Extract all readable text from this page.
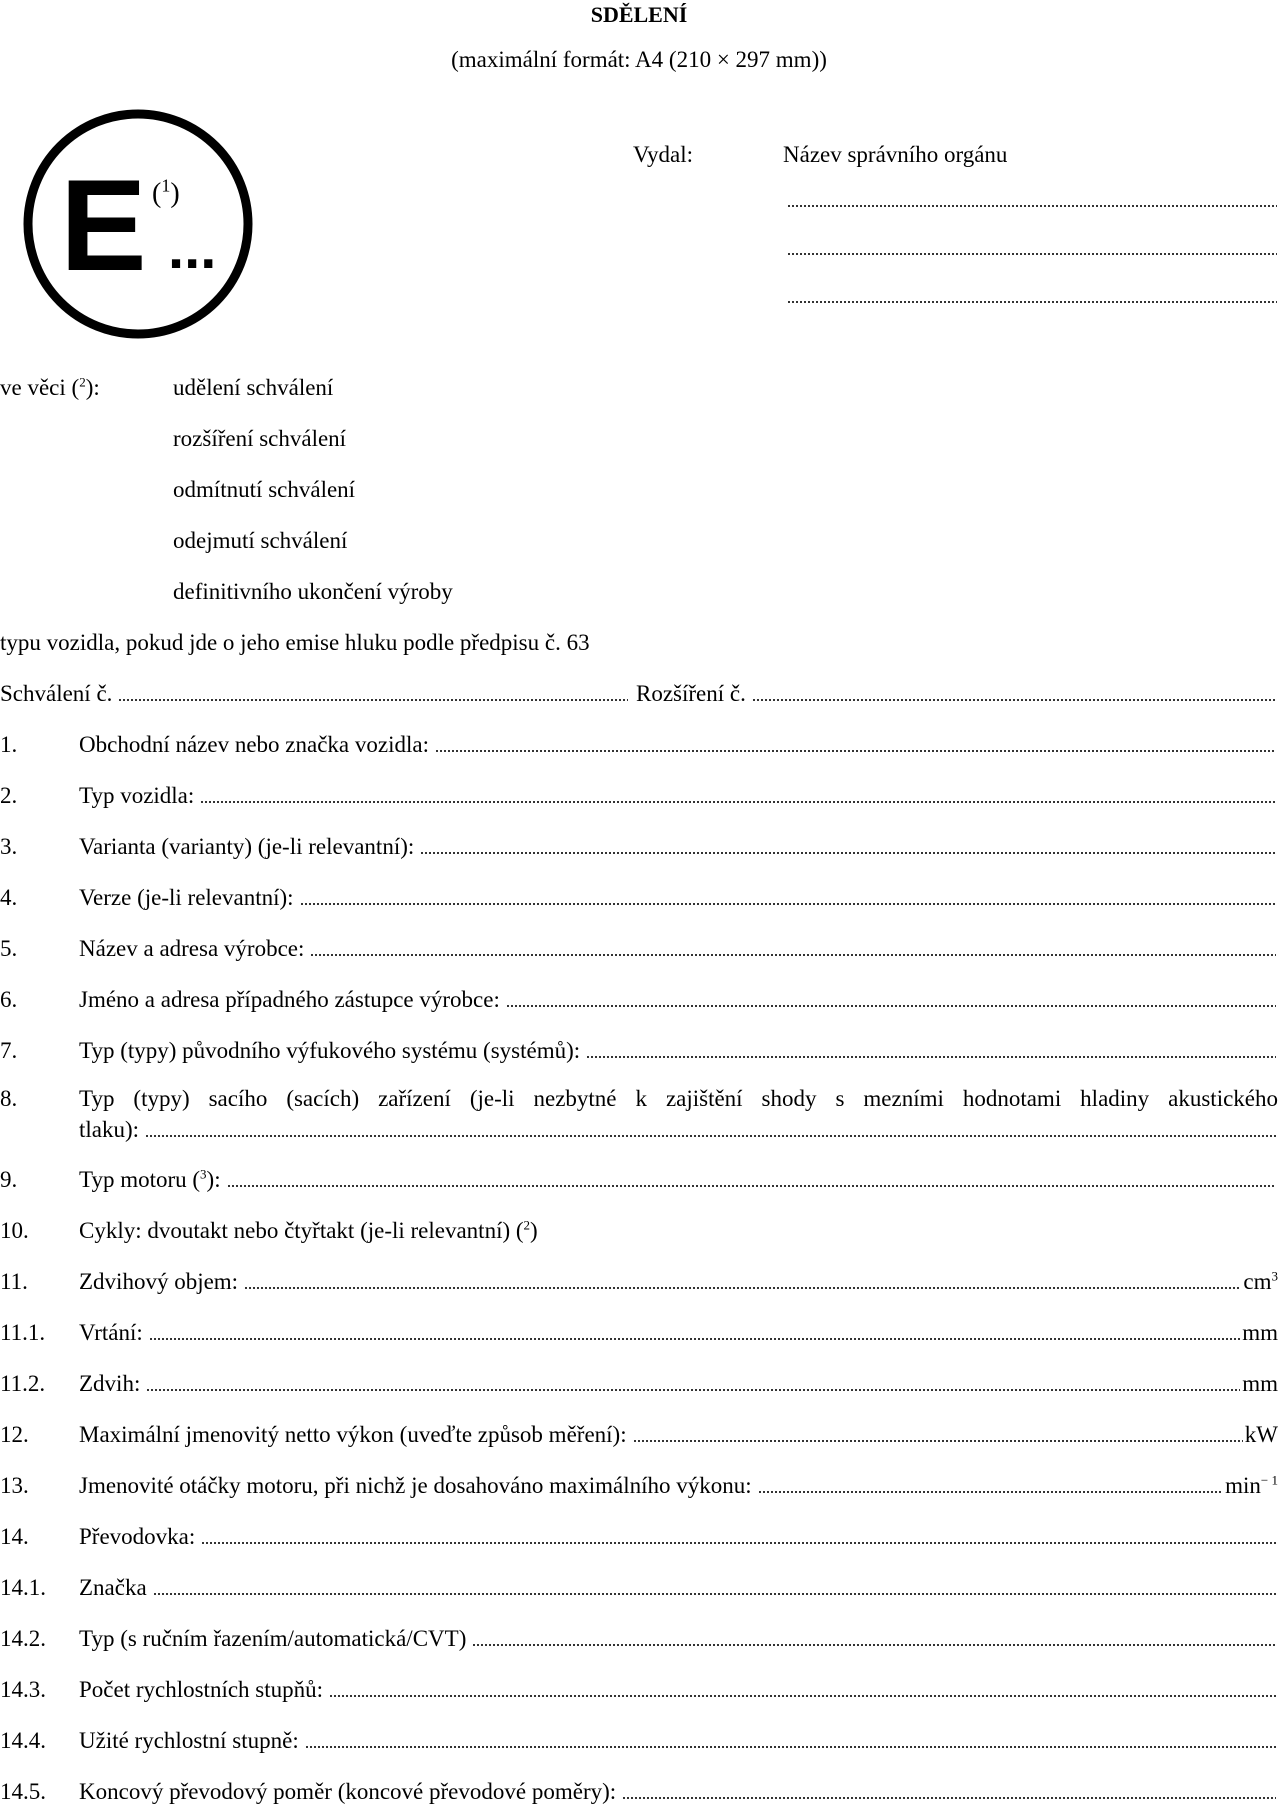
SDĚLENÍ
(maximální formát: A4 (210 × 297 mm))
E ...
($^1$)
Vydal:	Název správního orgánu
ve věci ($^2$):	udělení schválení
rozšíření schválení
odmítnutí schválení
odejmutí schválení
definitivního ukončení výroby
typu vozidla, pokud jde o jeho emise hluku podle předpisu č. 63
Schválení č.	Rozšíření č.
1.	Obchodní název nebo značka vozidla:
2.	Typ vozidla:
3.	Varianta (varianty) (je-li relevantní):
4.	Verze (je-li relevantní):
5.	Název a adresa výrobce:
6.	Jméno a adresa případného zástupce výrobce:
7.	Typ (typy) původního výfukového systému (systémů):
8.	Typ (typy) sacího (sacích) zařízení (je-li nezbytné k zajištění shody s mezními hodnotami hladiny akustického
tlaku):
9.	Typ motoru ($^3$):
10. Cykly: dvoutakt nebo čtyřtakt (je-li relevantní) ($^2$)
11. Zdvihový objem:	$cm^3$
11.1. Vrtání:	mm
11.2. Zdvih:	mm
12. Maximální jmenovitý netto výkon (uveďte způsob měření):	kW
13. Jmenovité otáčky motoru, při nichž je dosahováno maximálního výkonu:	$\min^{- 1}$
14. Převodovka:
14.1. Značka
14.2. Typ (s ručním řazením/automatická/CVT)
14.3. Počet rychlostních stupňů:
14.4. Užité rychlostní stupně:
14.5. Koncový převodový poměr (koncové převodové poměry):
